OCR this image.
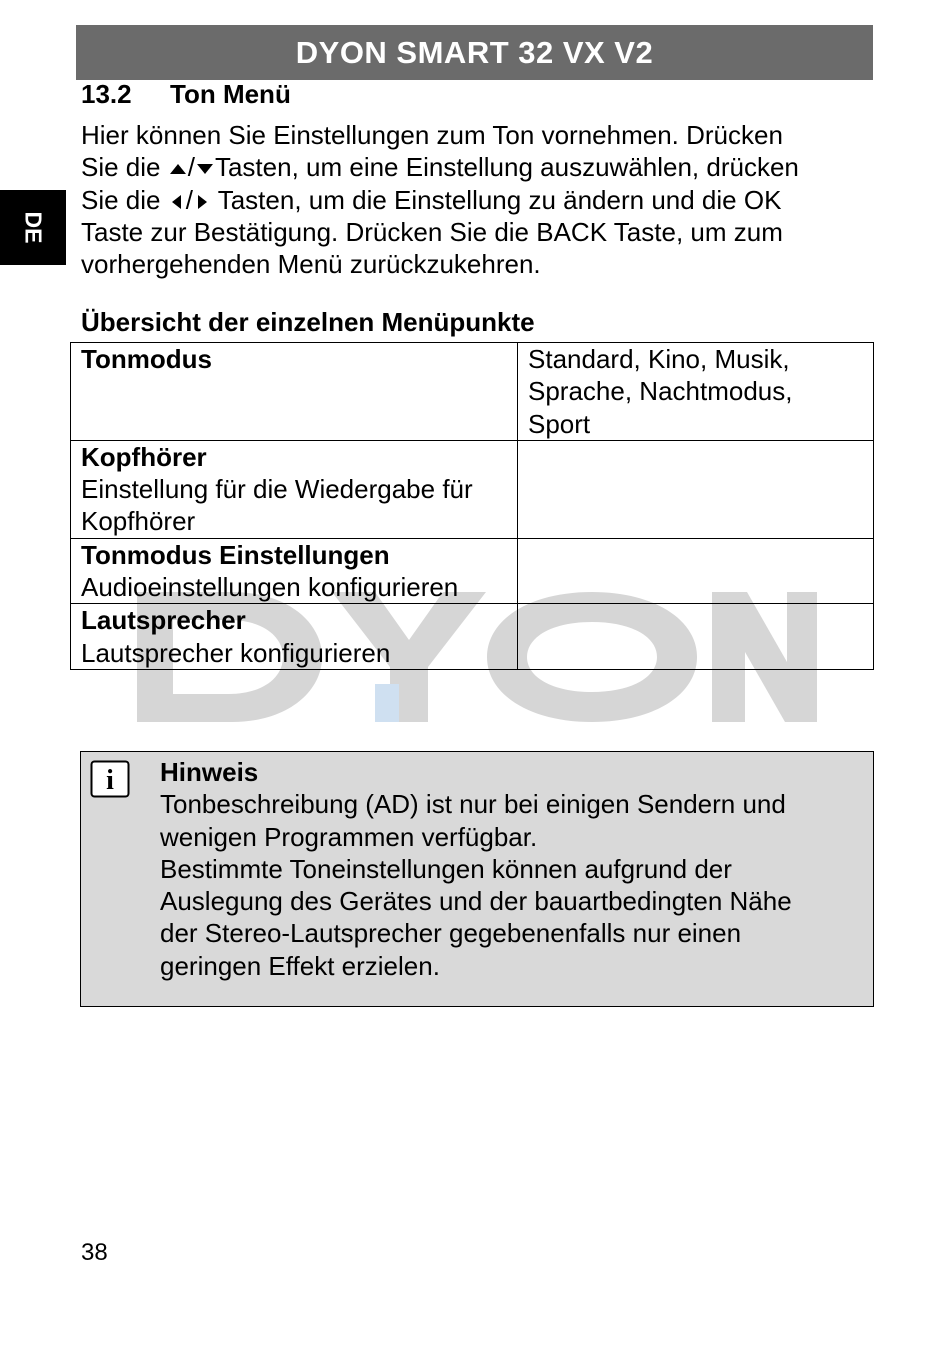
DYON SMART 32 VX V2
DE
13.2 Ton Menü
Hier können Sie Einstellungen zum Ton vornehmen. Drücken
Sie die / Tasten, um eine Einstellung auszuwählen, drücken
Sie die / Tasten, um die Einstellung zu ändern und die OK
Taste zur Bestätigung. Drücken Sie die BACK Taste, um zum
vorhergehenden Menü zurückzukehren.
Übersicht der einzelnen Menüpunkte
Tonmodus	Standard, Kino, Musik,
Sprache, Nachtmodus,
Sport

Kopfhörer
Einstellung für die Wiedergabe für
Kopfhörer	

Tonmodus Einstellungen
Audioeinstellungen konfigurieren	

Lautsprecher
Lautsprecher konfigurieren	

i Hinweis
Tonbeschreibung (AD) ist nur bei einigen Sendern und
wenigen Programmen verfügbar.
Bestimmte Toneinstellungen können aufgrund der
Auslegung des Gerätes und der bauartbedingten Nähe
der Stereo-Lautsprecher gegebenenfalls nur einen
geringen Effekt erzielen.
38
